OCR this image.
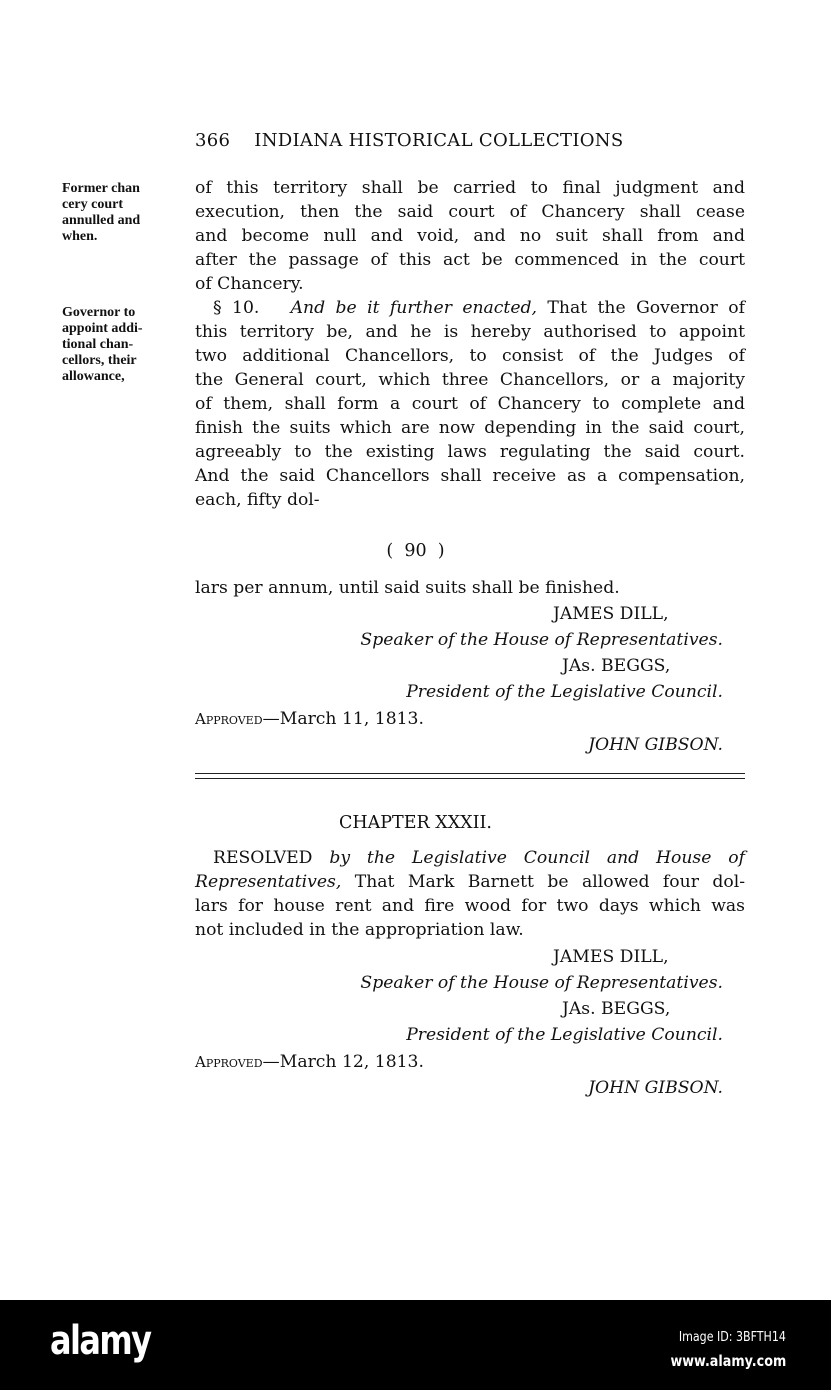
366 INDIANA HISTORICAL COLLECTIONS
Former chan
cery court
annulled and
when.
Governor to
appoint addi-
tional chan-
cellors, their
allowance,
of this territory shall be carried to final judgment and
execution, then the said court of Chancery shall cease
and become null and void, and no suit shall from and
after the passage of this act be commenced in the court
of Chancery.
§ 10. And be it further enacted, That the Governor of
this territory be, and he is hereby authorised to appoint
two additional Chancellors, to consist of the Judges of
the General court, which three Chancellors, or a majority
of them, shall form a court of Chancery to complete and
finish the suits which are now depending in the said court,
agreeably to the existing laws regulating the said court.
And the said Chancellors shall receive as a compensation,
each, fifty dol-
(  90  )
lars per annum, until said suits shall be finished.
JAMES DILL,
Speaker of the House of Representatives.
JAs. BEGGS,
President of the Legislative Council.
Approved—March 11, 1813.
JOHN GIBSON.
CHAPTER XXXII.
RESOLVED by the Legislative Council and House of
Representatives, That Mark Barnett be allowed four dol-
lars for house rent and fire wood for two days which was
not included in the appropriation law.
JAMES DILL,
Speaker of the House of Representatives.
JAs. BEGGS,
President of the Legislative Council.
Approved—March 12, 1813.
JOHN GIBSON.
alamy	Image ID: 3BFTH14
www.alamy.com
